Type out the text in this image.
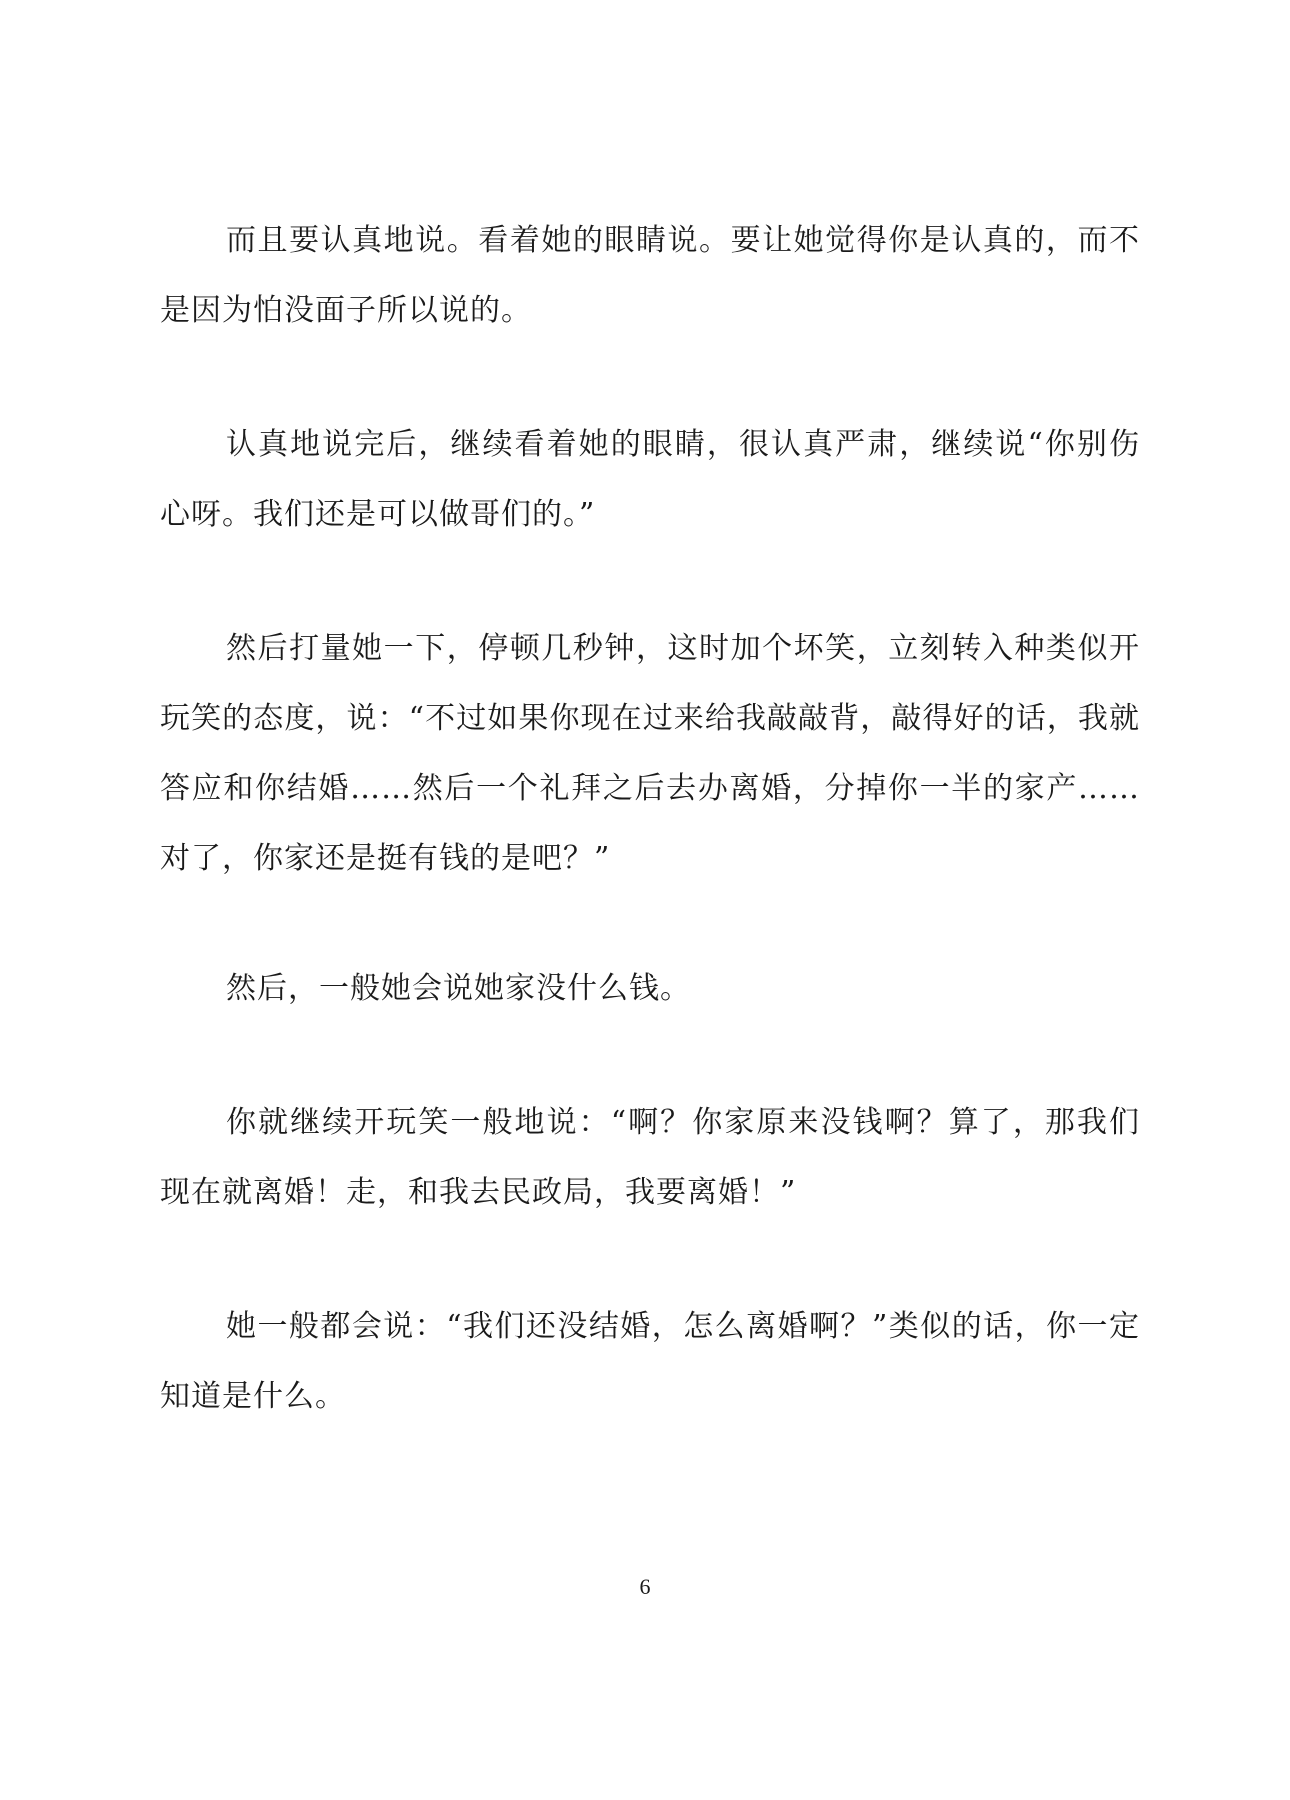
而且要认真地说。看着她的眼睛说。要让她觉得你是认真的，而不是因为怕没面子所以说的。

认真地说完后，继续看着她的眼睛，很认真严肃，继续说“你别伤心呀。我们还是可以做哥们的。”

然后打量她一下，停顿几秒钟，这时加个坏笑，立刻转入种类似开玩笑的态度，说：“不过如果你现在过来给我敲敲背，敲得好的话，我就答应和你结婚……然后一个礼拜之后去办离婚，分掉你一半的家产……对了，你家还是挺有钱的是吧？”

然后，一般她会说她家没什么钱。

你就继续开玩笑一般地说：“啊？你家原来没钱啊？算了，那我们现在就离婚！走，和我去民政局，我要离婚！”

她一般都会说：“我们还没结婚，怎么离婚啊？”类似的话，你一定知道是什么。

6
